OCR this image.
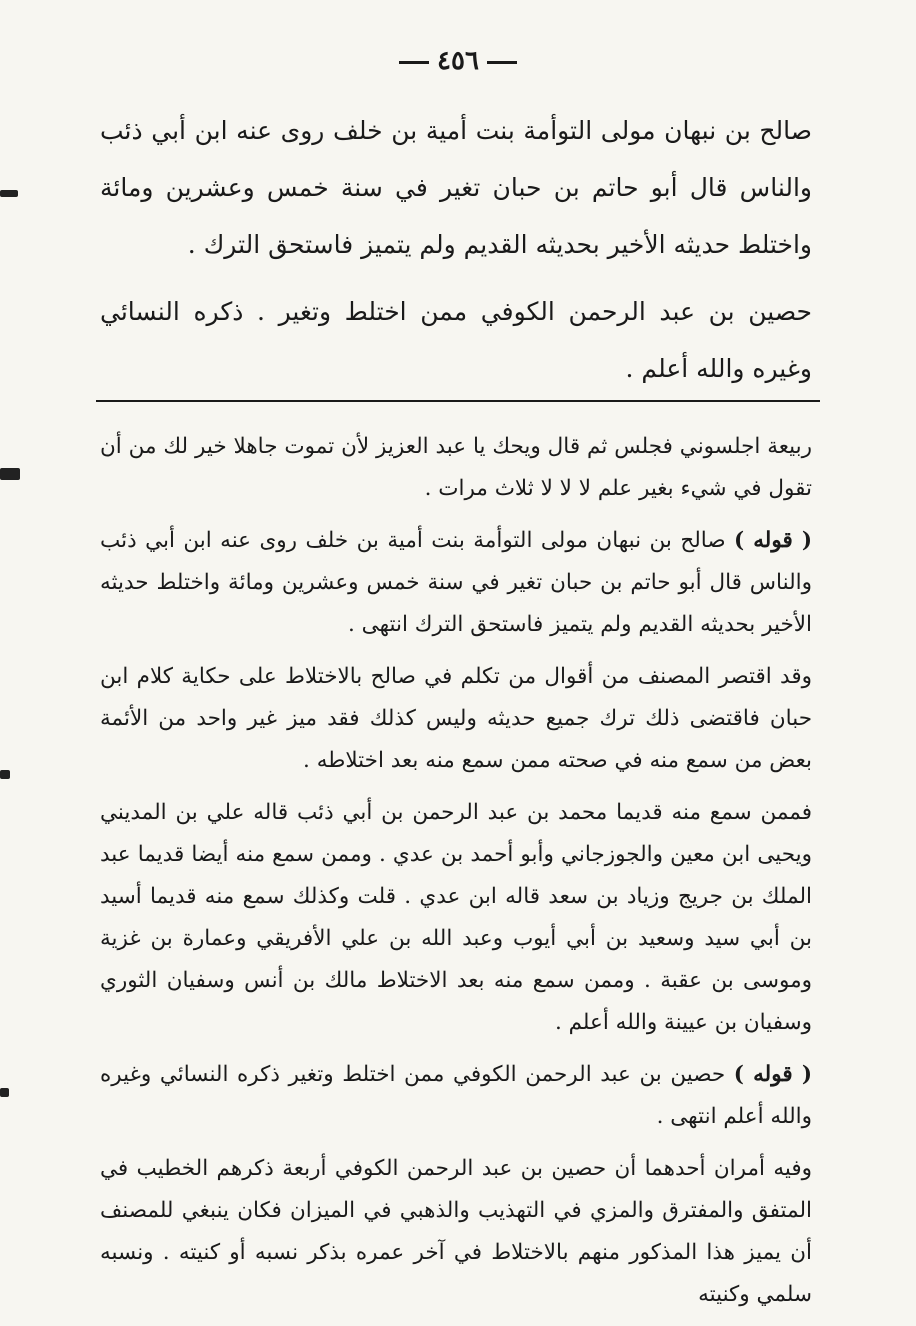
٤٥٦

صالح بن نبهان مولى التوأمة بنت أمية بن خلف روى عنه ابن أبي ذئب والناس قال أبو حاتم بن حبان تغير في سنة خمس وعشرين ومائة واختلط حديثه الأخير بحديثه القديم ولم يتميز فاستحق الترك .

حصين بن عبد الرحمن الكوفي ممن اختلط وتغير . ذكره النسائي وغيره والله أعلم .

ربيعة اجلسوني فجلس ثم قال ويحك يا عبد العزيز لأن تموت جاهلا خير لك من أن تقول في شيء بغير علم لا لا لا ثلاث مرات .

( قوله ) صالح بن نبهان مولى التوأمة بنت أمية بن خلف روى عنه ابن أبي ذئب والناس قال أبو حاتم بن حبان تغير في سنة خمس وعشرين ومائة واختلط حديثه الأخير بحديثه القديم ولم يتميز فاستحق الترك انتهى .

وقد اقتصر المصنف من أقوال من تكلم في صالح بالاختلاط على حكاية كلام ابن حبان فاقتضى ذلك ترك جميع حديثه وليس كذلك فقد ميز غير واحد من الأئمة بعض من سمع منه في صحته ممن سمع منه بعد اختلاطه .

فممن سمع منه قديما محمد بن عبد الرحمن بن أبي ذئب قاله علي بن المديني ويحيى ابن معين والجوزجاني وأبو أحمد بن عدي . وممن سمع منه أيضا قديما عبد الملك بن جريج وزياد بن سعد قاله ابن عدي . قلت وكذلك سمع منه قديما أسيد بن أبي سيد وسعيد بن أبي أيوب وعبد الله بن علي الأفريقي وعمارة بن غزية وموسى بن عقبة . وممن سمع منه بعد الاختلاط مالك بن أنس وسفيان الثوري وسفيان بن عيينة والله أعلم .

( قوله ) حصين بن عبد الرحمن الكوفي ممن اختلط وتغير ذكره النسائي وغيره والله أعلم انتهى .

وفيه أمران أحدهما أن حصين بن عبد الرحمن الكوفي أربعة ذكرهم الخطيب في المتفق والمفترق والمزي في التهذيب والذهبي في الميزان فكان ينبغي للمصنف أن يميز هذا المذكور منهم بالاختلاط في آخر عمره بذكر نسبه أو كنيته . ونسبه سلمي وكنيته
